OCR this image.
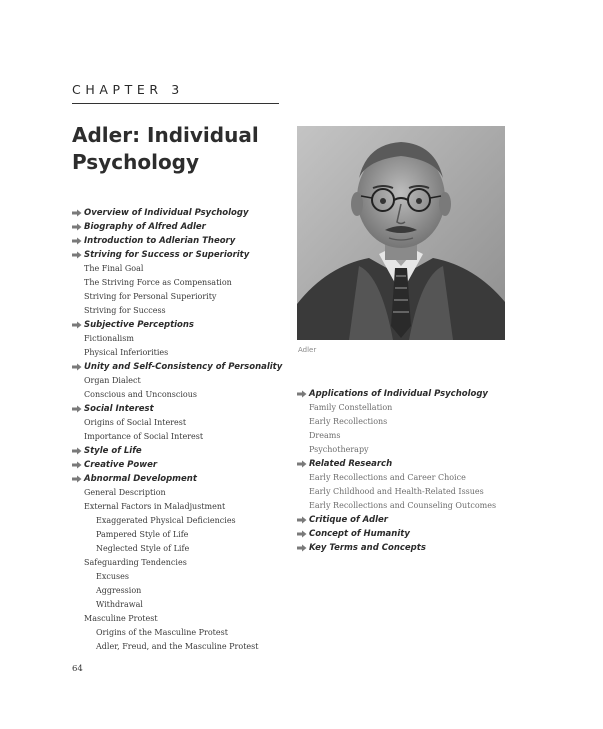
CHAPTER 3
Adler: Individual
Psychology
Adler
Overview of Individual Psychology
Biography of Alfred Adler
Introduction to Adlerian Theory
Striving for Success or Superiority
The Final Goal
The Striving Force as Compensation
Striving for Personal Superiority
Striving for Success
Subjective Perceptions
Fictionalism
Physical Inferiorities
Unity and Self-Consistency of Personality
Organ Dialect
Conscious and Unconscious
Social Interest
Origins of Social Interest
Importance of Social Interest
Style of Life
Creative Power
Abnormal Development
General Description
External Factors in Maladjustment
Exaggerated Physical Deficiencies
Pampered Style of Life
Neglected Style of Life
Safeguarding Tendencies
Excuses
Aggression
Withdrawal
Masculine Protest
Origins of the Masculine Protest
Adler, Freud, and the Masculine Protest
Applications of Individual Psychology
Family Constellation
Early Recollections
Dreams
Psychotherapy
Related Research
Early Recollections and Career Choice
Early Childhood and Health-Related Issues
Early Recollections and Counseling Outcomes
Critique of Adler
Concept of Humanity
Key Terms and Concepts
64
